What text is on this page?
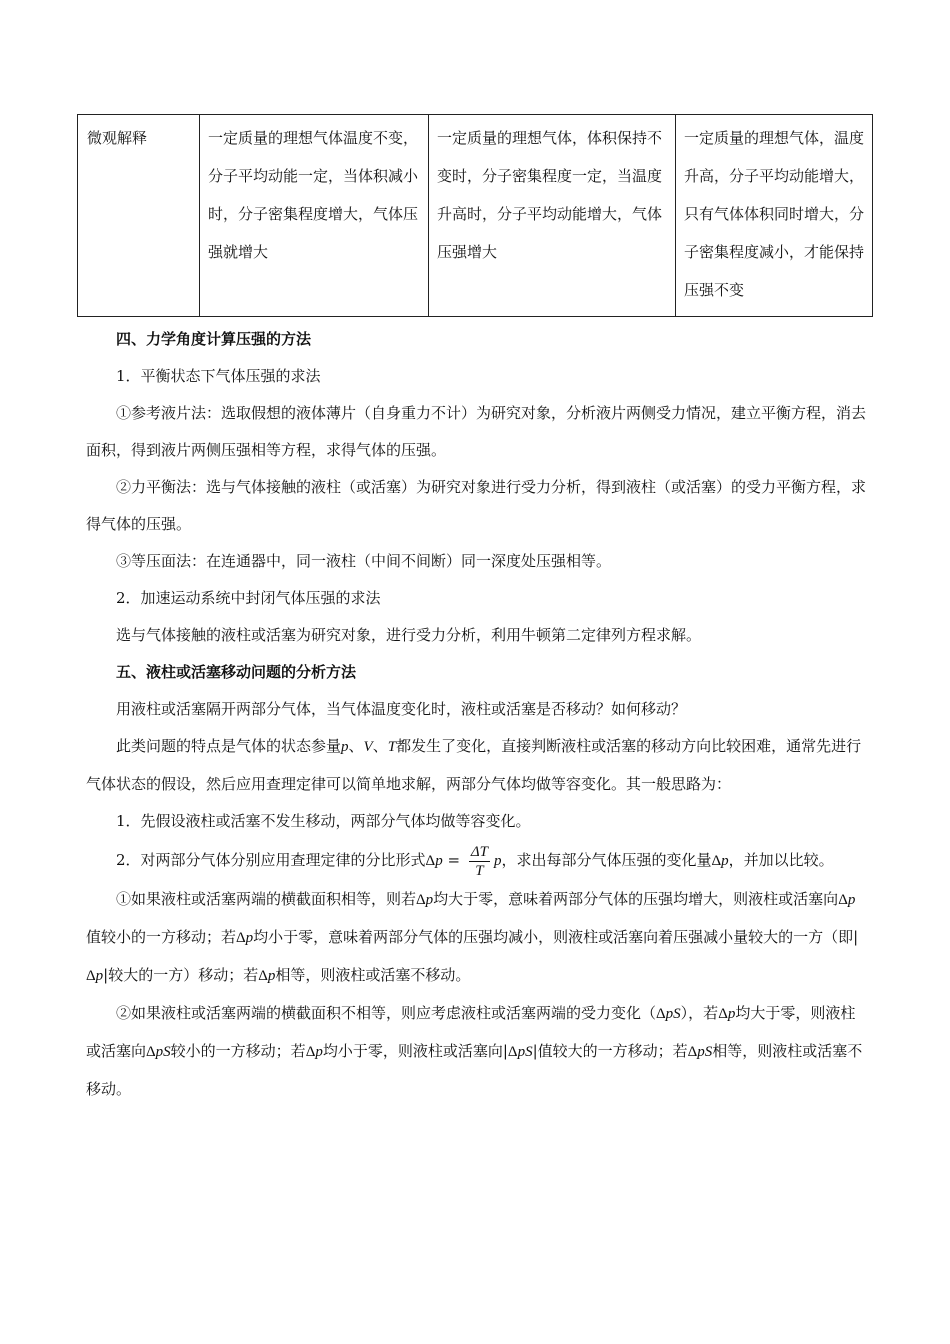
微观解释	一定质量的理想气体温度不变，分子平均动能一定，当体积减小时，分子密集程度增大，气体压强就增大	一定质量的理想气体，体积保持不变时，分子密集程度一定，当温度升高时，分子平均动能增大，气体压强增大	一定质量的理想气体，温度升高，分子平均动能增大，只有气体体积同时增大，分子密集程度减小，才能保持压强不变

四、力学角度计算压强的方法

1．平衡状态下气体压强的求法

①参考液片法：选取假想的液体薄片（自身重力不计）为研究对象，分析液片两侧受力情况，建立平衡方程，消去面积，得到液片两侧压强相等方程，求得气体的压强。

②力平衡法：选与气体接触的液柱（或活塞）为研究对象进行受力分析，得到液柱（或活塞）的受力平衡方程，求得气体的压强。

③等压面法：在连通器中，同一液柱（中间不间断）同一深度处压强相等。

2．加速运动系统中封闭气体压强的求法

选与气体接触的液柱或活塞为研究对象，进行受力分析，利用牛顿第二定律列方程求解。

五、液柱或活塞移动问题的分析方法

用液柱或活塞隔开两部分气体，当气体温度变化时，液柱或活塞是否移动？如何移动？

此类问题的特点是气体的状态参量p、V、T都发生了变化，直接判断液柱或活塞的移动方向比较困难，通常先进行气体状态的假设，然后应用查理定律可以简单地求解，两部分气体均做等容变化。其一般思路为：

1．先假设液柱或活塞不发生移动，两部分气体均做等容变化。

2．对两部分气体分别应用查理定律的分比形式$\Delta p = \frac{\Delta T}{T}$ p，求出每部分气体压强的变化量Δp，并加以比较。

①如果液柱或活塞两端的横截面积相等，则若Δp均大于零，意味着两部分气体的压强均增大，则液柱或活塞向Δp值较小的一方移动；若Δp均小于零，意味着两部分气体的压强均减小，则液柱或活塞向着压强减小量较大的一方（即|Δp|较大的一方）移动；若Δp相等，则液柱或活塞不移动。

②如果液柱或活塞两端的横截面积不相等，则应考虑液柱或活塞两端的受力变化（ΔpS），若Δp均大于零，则液柱或活塞向ΔpS较小的一方移动；若Δp均小于零，则液柱或活塞向|ΔpS|值较大的一方移动；若ΔpS相等，则液柱或活塞不移动。
